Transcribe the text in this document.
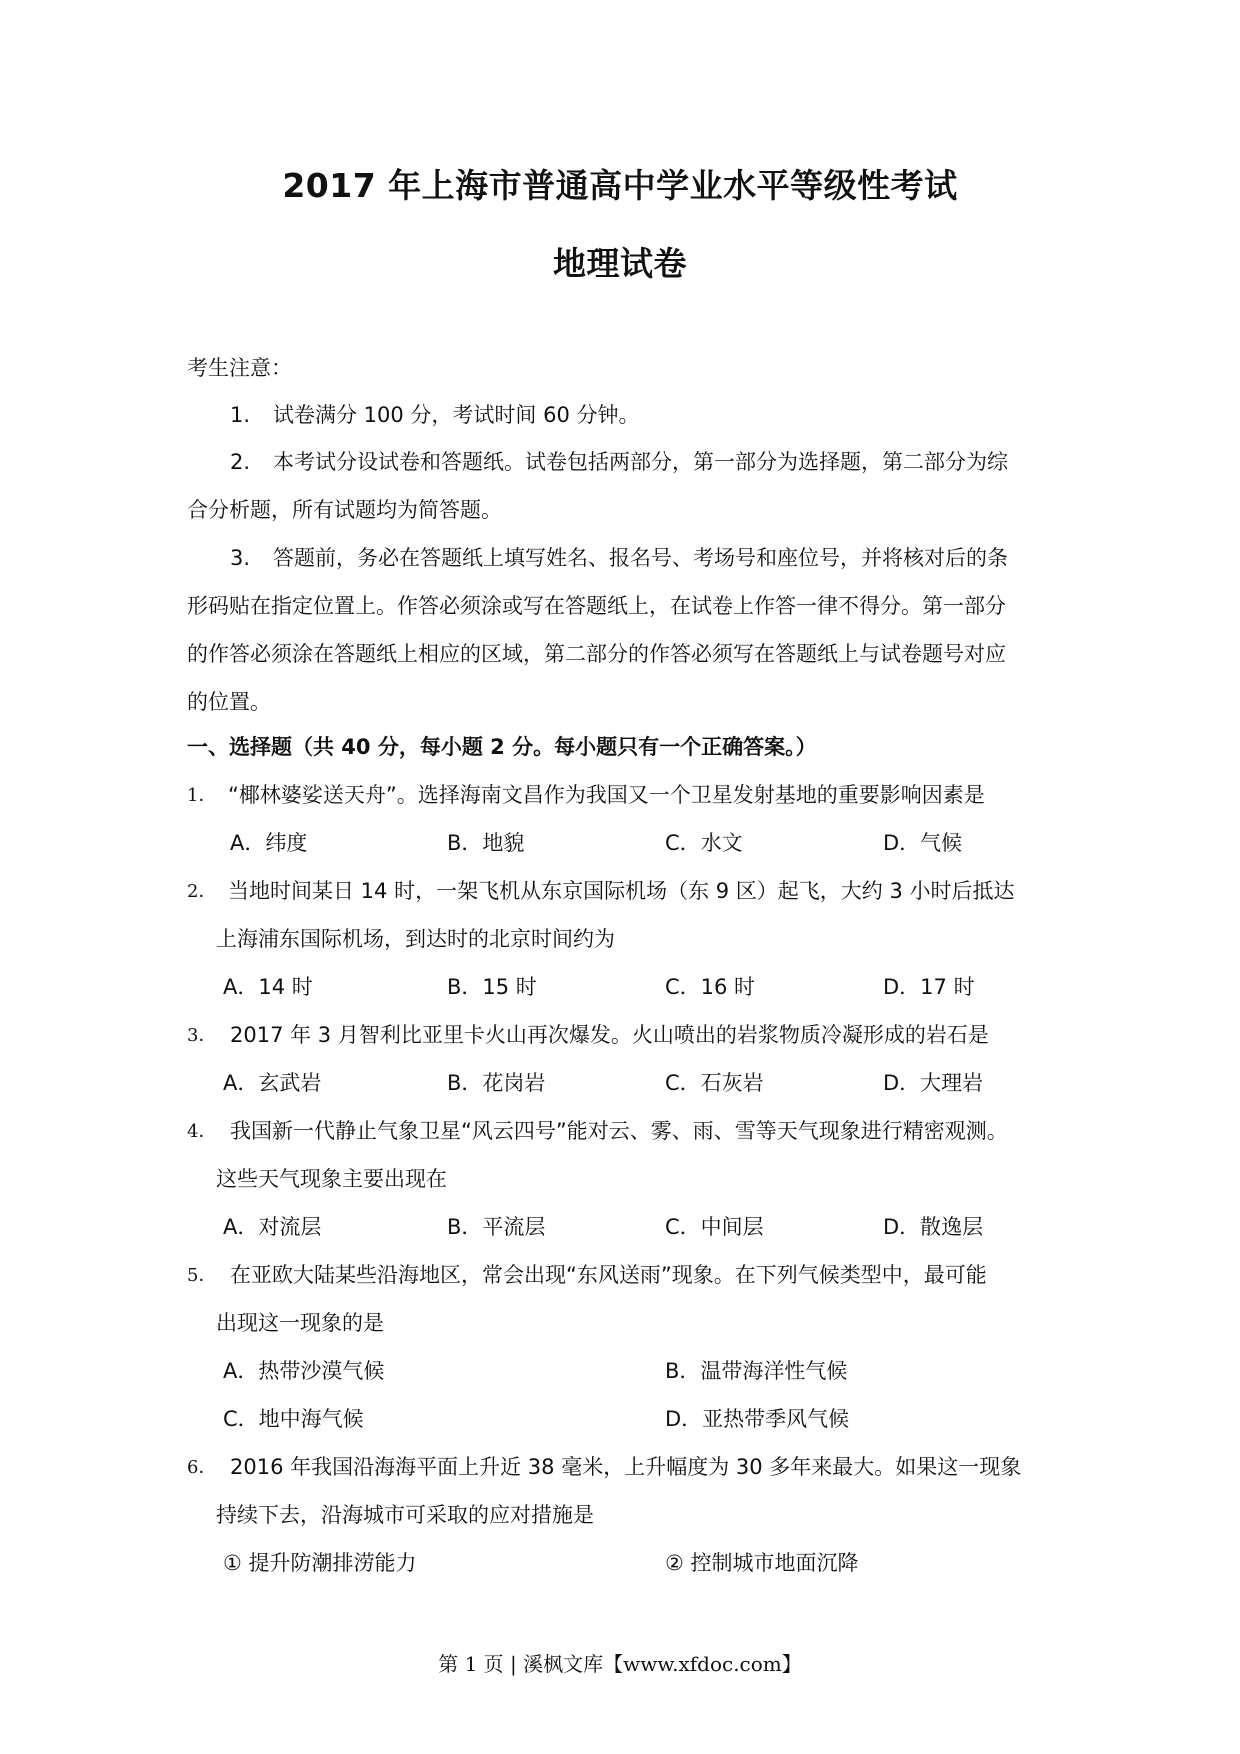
2017 年上海市普通高中学业水平等级性考试
地理试卷
考生注意：
1. 试卷满分 100 分，考试时间 60 分钟。
2. 本考试分设试卷和答题纸。试卷包括两部分，第一部分为选择题，第二部分为综
合分析题，所有试题均为简答题。
3. 答题前，务必在答题纸上填写姓名、报名号、考场号和座位号，并将核对后的条
形码贴在指定位置上。作答必须涂或写在答题纸上，在试卷上作答一律不得分。第一部分
的作答必须涂在答题纸上相应的区域，第二部分的作答必须写在答题纸上与试卷题号对应
的位置。
一、选择题（共 40 分，每小题 2 分。每小题只有一个正确答案。）
1． “椰林婆娑送天舟”。选择海南文昌作为我国又一个卫星发射基地的重要影响因素是
A．纬度	B．地貌	C．水文	D．气候
2． 当地时间某日 14 时，一架飞机从东京国际机场（东 9 区）起飞，大约 3 小时后抵达
上海浦东国际机场，到达时的北京时间约为
A．14 时	B．15 时	C．16 时	D．17 时
3． 2017 年 3 月智利比亚里卡火山再次爆发。火山喷出的岩浆物质冷凝形成的岩石是
A．玄武岩	B．花岗岩	C．石灰岩	D．大理岩
4． 我国新一代静止气象卫星“风云四号”能对云、雾、雨、雪等天气现象进行精密观测。
这些天气现象主要出现在
A．对流层	B．平流层	C．中间层	D．散逸层
5． 在亚欧大陆某些沿海地区，常会出现“东风送雨”现象。在下列气候类型中，最可能
出现这一现象的是
A．热带沙漠气候	B．温带海洋性气候
C．地中海气候	D．亚热带季风气候
6． 2016 年我国沿海海平面上升近 38 毫米，上升幅度为 30 多年来最大。如果这一现象
持续下去，沿海城市可采取的应对措施是
① 提升防潮排涝能力	② 控制城市地面沉降
第 1 页 | 溪枫文库【www.xfdoc.com】
